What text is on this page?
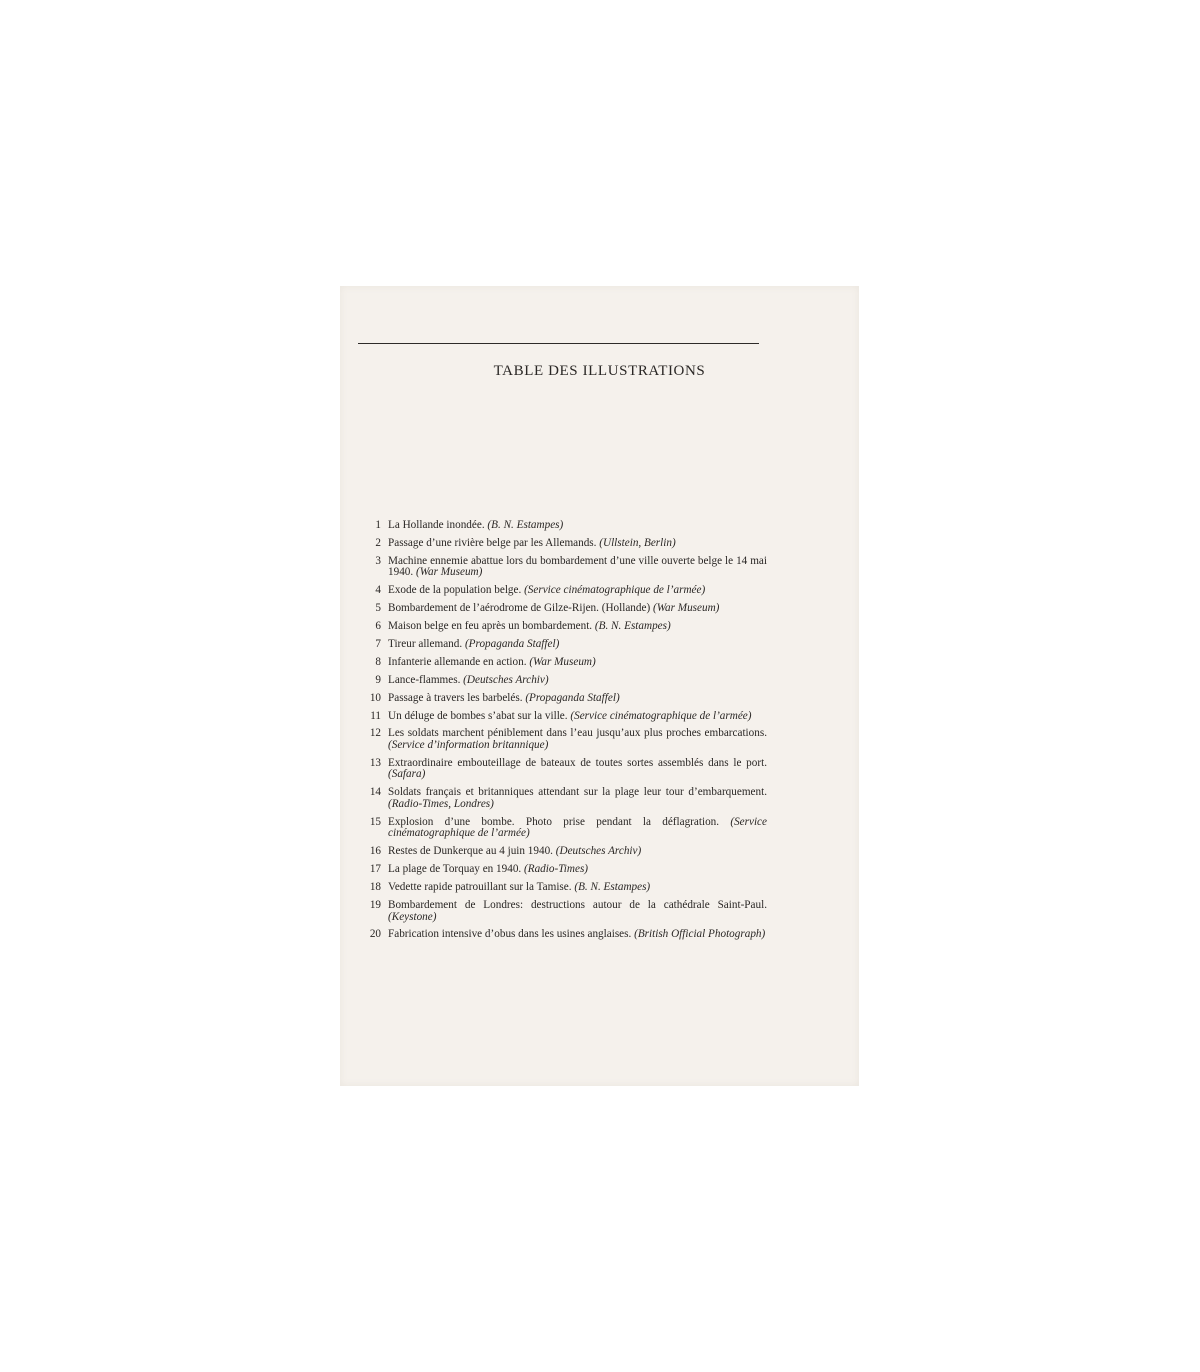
TABLE DES ILLUSTRATIONS
1 La Hollande inondée. (B. N. Estampes)
2 Passage d’une rivière belge par les Allemands. (Ullstein, Berlin)
3 Machine ennemie abattue lors du bombardement d’une ville ouverte belge le 14 mai 1940. (War Museum)
4 Exode de la population belge. (Service cinématographique de l’armée)
5 Bombardement de l’aérodrome de Gilze-Rijen. (Hollande) (War Museum)
6 Maison belge en feu après un bombardement. (B. N. Estampes)
7 Tireur allemand. (Propaganda Staffel)
8 Infanterie allemande en action. (War Museum)
9 Lance-flammes. (Deutsches Archiv)
10 Passage à travers les barbelés. (Propaganda Staffel)
11 Un déluge de bombes s’abat sur la ville. (Service cinématographique de l’armée)
12 Les soldats marchent péniblement dans l’eau jusqu’aux plus proches embarcations. (Service d’information britannique)
13 Extraordinaire embouteillage de bateaux de toutes sortes assemblés dans le port. (Safara)
14 Soldats français et britanniques attendant sur la plage leur tour d’embarquement. (Radio-Times, Londres)
15 Explosion d’une bombe. Photo prise pendant la déflagration. (Service cinématographique de l’armée)
16 Restes de Dunkerque au 4 juin 1940. (Deutsches Archiv)
17 La plage de Torquay en 1940. (Radio-Times)
18 Vedette rapide patrouillant sur la Tamise. (B. N. Estampes)
19 Bombardement de Londres: destructions autour de la cathédrale Saint-Paul. (Keystone)
20 Fabrication intensive d’obus dans les usines anglaises. (British Official Photograph)
